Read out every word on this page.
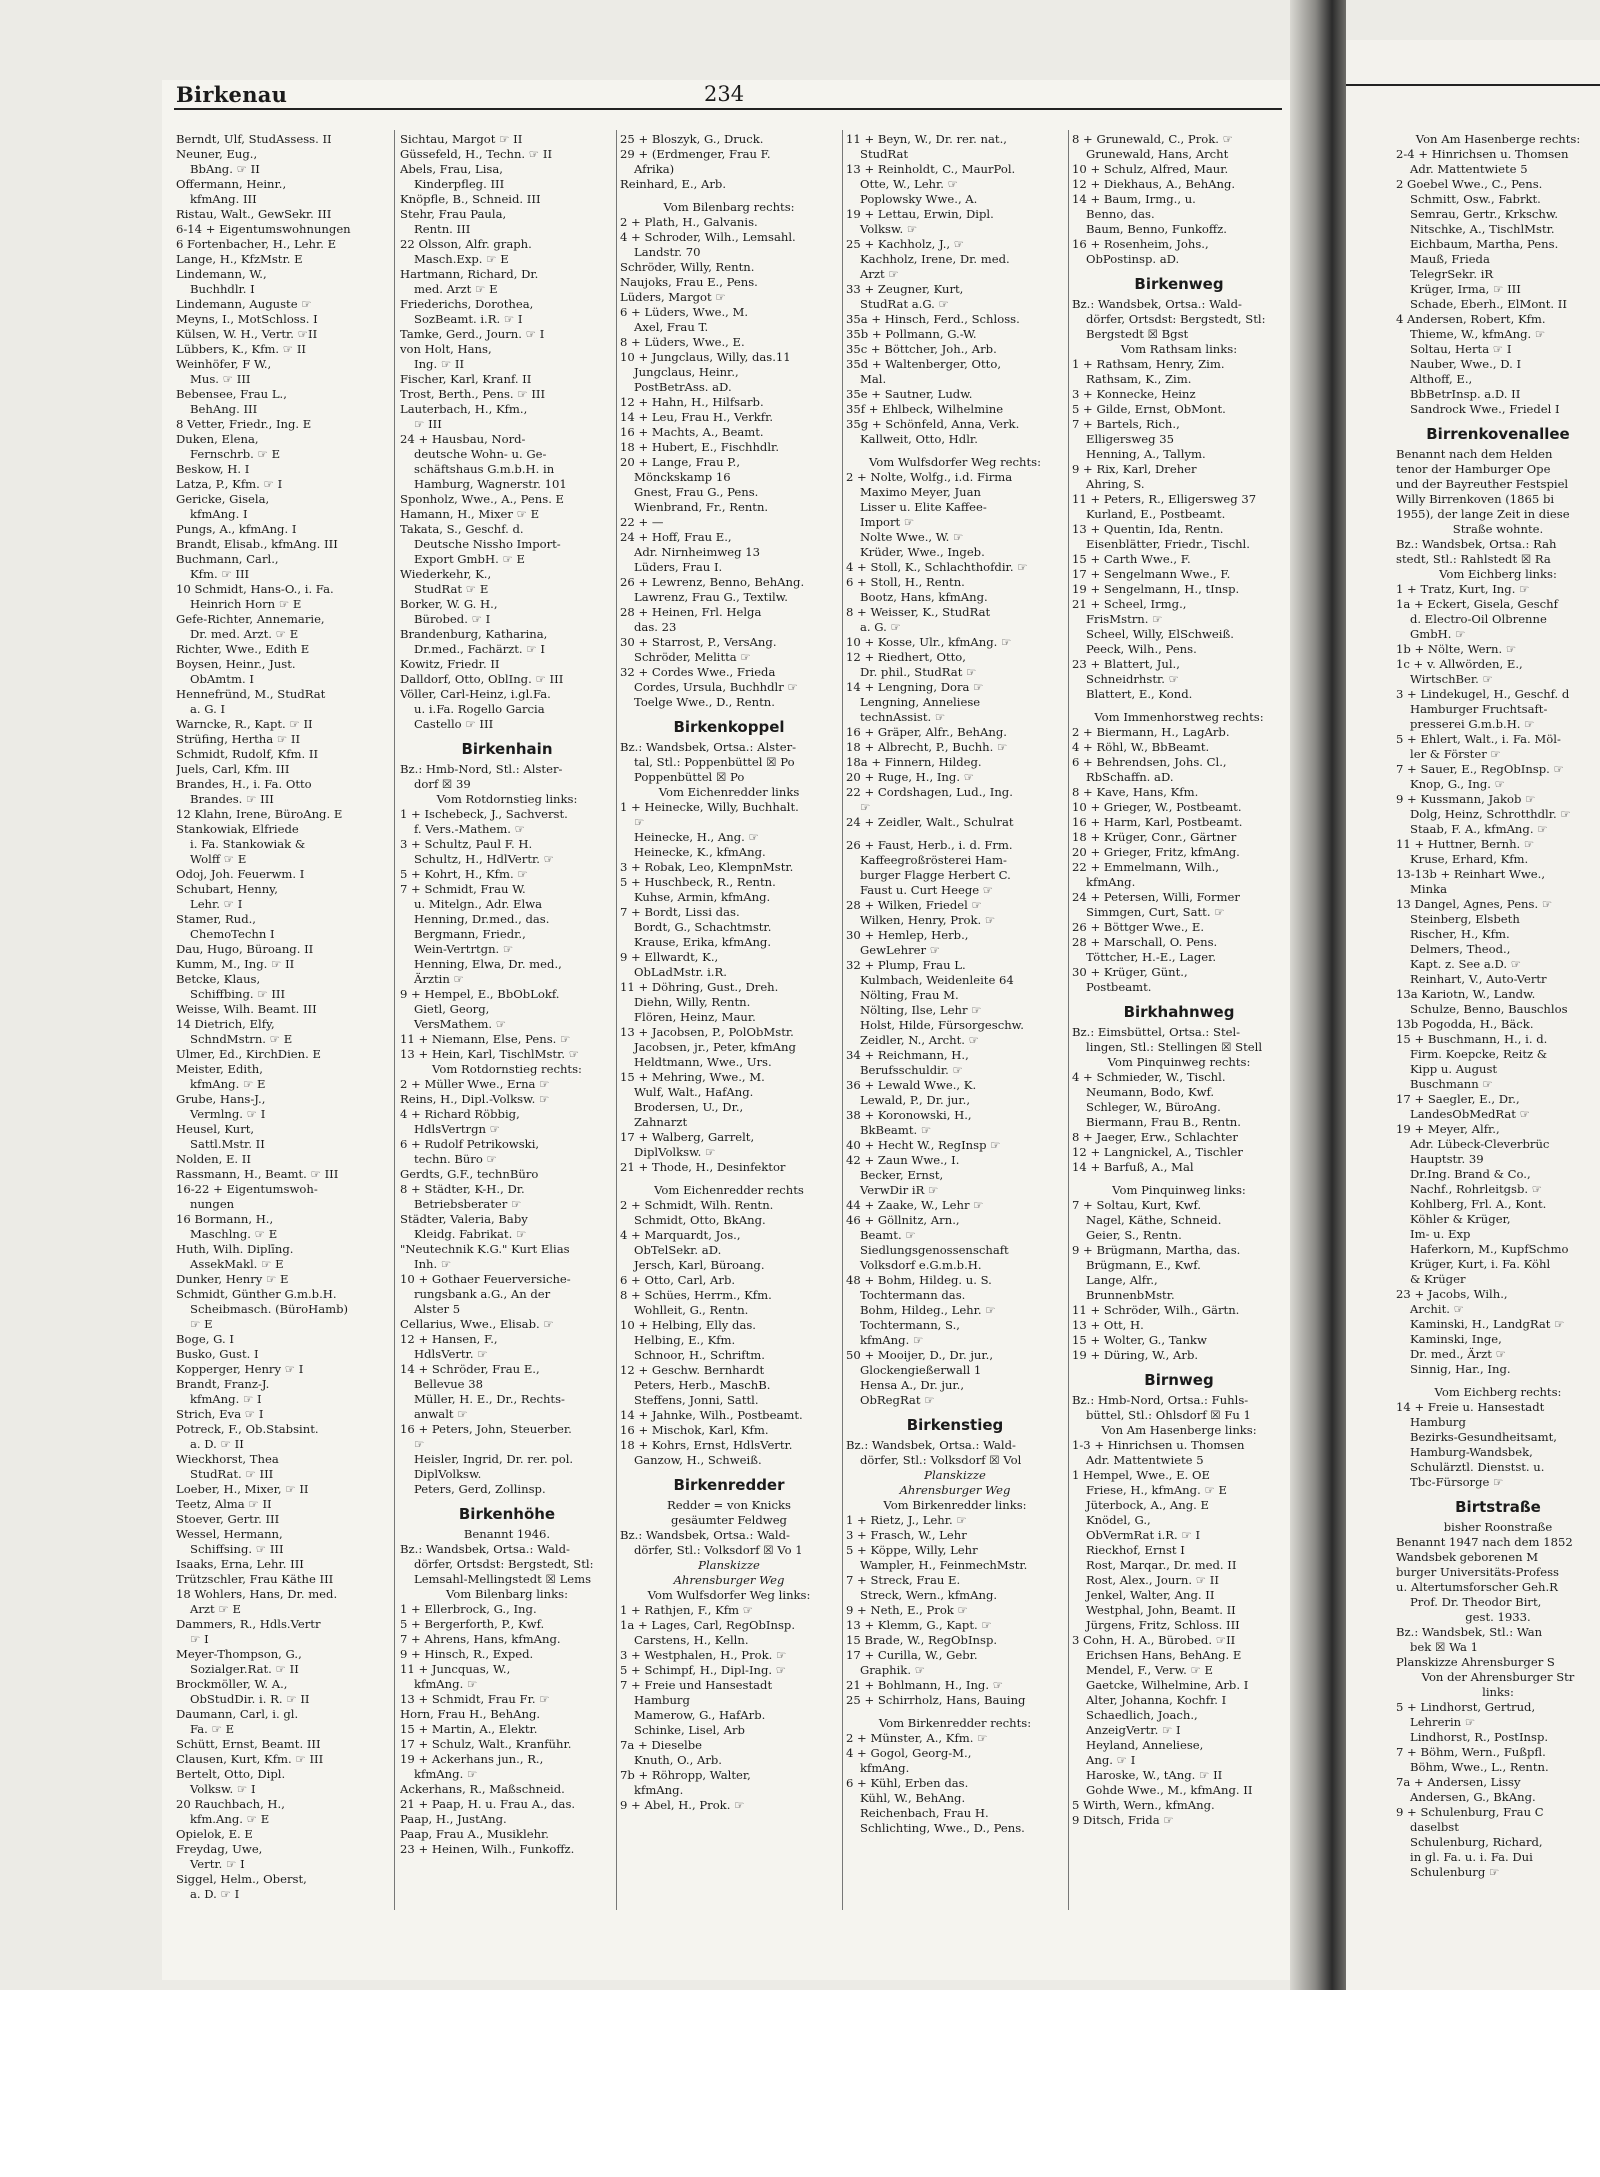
Birkenau	234
Berndt, Ulf, StudAssess. II
Neuner, Eug.,
BbAng. ☞ II
Offermann, Heinr.,
kfmAng. III
Ristau, Walt., GewSekr. III
6-14 + Eigentumswohnungen
6 Fortenbacher, H., Lehr. E
Lange, H., KfzMstr. E
Lindemann, W.,
Buchhdlr. I
Lindemann, Auguste ☞
Meyns, I., MotSchloss. I
Külsen, W. H., Vertr. ☞II
Lübbers, K., Kfm. ☞ II
Weinhöfer, F W.,
Mus. ☞ III
Bebensee, Frau L.,
BehAng. III
8 Vetter, Friedr., Ing. E
Duken, Elena,
Fernschrb. ☞ E
Beskow, H. I
Latza, P., Kfm. ☞ I
Gericke, Gisela,
kfmAng. I
Pungs, A., kfmAng. I
Brandt, Elisab., kfmAng. III
Buchmann, Carl.,
Kfm. ☞ III
10 Schmidt, Hans-O., i. Fa.
Heinrich Horn ☞ E
Gefe-Richter, Annemarie,
Dr. med. Arzt. ☞ E
Richter, Wwe., Edith E
Boysen, Heinr., Just.
ObAmtm. I
Hennefründ, M., StudRat
a. G. I
Warncke, R., Kapt. ☞ II
Strüfing, Hertha ☞ II
Schmidt, Rudolf, Kfm. II
Juels, Carl, Kfm. III
Brandes, H., i. Fa. Otto
Brandes. ☞ III
12 Klahn, Irene, BüroAng. E
Stankowiak, Elfriede
i. Fa. Stankowiak &
Wolff ☞ E
Odoj, Joh. Feuerwm. I
Schubart, Henny,
Lehr. ☞ I
Stamer, Rud.,
ChemoTechn I
Dau, Hugo, Büroang. II
Kumm, M., Ing. ☞ II
Betcke, Klaus,
Schiffbing. ☞ III
Weisse, Wilh. Beamt. III
14 Dietrich, Elfy,
SchndMstrn. ☞ E
Ulmer, Ed., KirchDien. E
Meister, Edith,
kfmAng. ☞ E
Grube, Hans-J.,
Vermlng. ☞ I
Heusel, Kurt,
Sattl.Mstr. II
Nolden, E. II
Rassmann, H., Beamt. ☞ III
16-22 + Eigentumswoh-
nungen
16 Bormann, H.,
Maschlng. ☞ E
Huth, Wilh. Diplīng.
AssekMakl. ☞ E
Dunker, Henry ☞ E
Schmidt, Günther G.m.b.H.
Scheibmasch. (BüroHamb)
☞ E
Boge, G. I
Busko, Gust. I
Kopperger, Henry ☞ I
Brandt, Franz-J.
kfmAng. ☞ I
Strich, Eva ☞ I
Potreck, F., Ob.Stabsint.
a. D. ☞ II
Wieckhorst, Thea
StudRat. ☞ III
Loeber, H., Mixer, ☞ II
Teetz, Alma ☞ II
Stoever, Gertr. III
Wessel, Hermann,
Schiffsing. ☞ III
Isaaks, Erna, Lehr. III
Trützschler, Frau Käthe III
18 Wohlers, Hans, Dr. med.
Arzt ☞ E
Dammers, R., Hdls.Vertr
☞ I
Meyer-Thompson, G.,
Sozialger.Rat. ☞ II
Brockmöller, W. A.,
ObStudDir. i. R. ☞ II
Daumann, Carl, i. gl.
Fa. ☞ E
Schütt, Ernst, Beamt. III
Clausen, Kurt, Kfm. ☞ III
Bertelt, Otto, Dipl.
Volksw. ☞ I
20 Rauchbach, H.,
kfm.Ang. ☞ E
Opielok, E. E
Freydag, Uwe,
Vertr. ☞ I
Siggel, Helm., Oberst,
a. D. ☞ I
Sichtau, Margot ☞ II
Güssefeld, H., Techn. ☞ II
Abels, Frau, Lisa,
Kinderpfleg. III
Knöpfle, B., Schneid. III
Stehr, Frau Paula,
Rentn. III
22 Olsson, Alfr. graph.
Masch.Exp. ☞ E
Hartmann, Richard, Dr.
med. Arzt ☞ E
Friederichs, Dorothea,
SozBeamt. i.R. ☞ I
Tamke, Gerd., Journ. ☞ I
von Holt, Hans,
Ing. ☞ II
Fischer, Karl, Kranf. II
Trost, Berth., Pens. ☞ III
Lauterbach, H., Kfm.,
☞ III
24 + Hausbau, Nord-
deutsche Wohn- u. Ge-
schäftshaus G.m.b.H. in
Hamburg, Wagnerstr. 101
Sponholz, Wwe., A., Pens. E
Hamann, H., Mixer ☞ E
Takata, S., Geschf. d.
Deutsche Nissho Import-
Export GmbH. ☞ E
Wiederkehr, K.,
StudRat ☞ E
Borker, W. G. H.,
Bürobed. ☞ I
Brandenburg, Katharina,
Dr.med., Fachärzt. ☞ I
Kowitz, Friedr. II
Dalldorf, Otto, OblIng. ☞ III
Völler, Carl-Heinz, i.gl.Fa.
u. i.Fa. Rogello Garcia
Castello ☞ III
Birkenhain
Bz.: Hmb-Nord, Stl.: Alster-
dorf ☒ 39
Vom Rotdornstieg links:
1 + Ischebeck, J., Sachverst.
f. Vers.-Mathem. ☞
3 + Schultz, Paul F. H.
Schultz, H., HdlVertr. ☞
5 + Kohrt, H., Kfm. ☞
7 + Schmidt, Frau W.
u. Mitelgn., Adr. Elwa
Henning, Dr.med., das.
Bergmann, Friedr.,
Wein-Vertrtgn. ☞
Henning, Elwa, Dr. med.,
Ärztin ☞
9 + Hempel, E., BbObLokf.
Gietl, Georg,
VersMathem. ☞
11 + Niemann, Else, Pens. ☞
13 + Hein, Karl, TischlMstr. ☞
Vom Rotdornstieg rechts:
2 + Müller Wwe., Erna ☞
Reins, H., Dipl.-Volksw. ☞
4 + Richard Röbbig,
HdlsVertrgn ☞
6 + Rudolf Petrikowski,
techn. Büro ☞
Gerdts, G.F., technBüro
8 + Städter, K-H., Dr.
Betriebsberater ☞
Städter, Valeria, Baby
Kleidg. Fabrikat. ☞
"Neutechnik K.G." Kurt Elias
Inh. ☞
10 + Gothaer Feuerversiche-
rungsbank a.G., An der
Alster 5
Cellarius, Wwe., Elisab. ☞
12 + Hansen, F.,
HdlsVertr. ☞
14 + Schröder, Frau E.,
Bellevue 38
Müller, H. E., Dr., Rechts-
anwalt ☞
16 + Peters, John, Steuerber.
☞
Heisler, Ingrid, Dr. rer. pol.
DiplVolksw.
Peters, Gerd, Zollinsp.
Birkenhöhe
Benannt 1946.
Bz.: Wandsbek, Ortsa.: Wald-
dörfer, Ortsdst: Bergstedt, Stl:
Lemsahl-Mellingstedt ☒ Lems
Vom Bilenbarg links:
1 + Ellerbrock, G., Ing.
5 + Bergerforth, P., Kwf.
7 + Ahrens, Hans, kfmAng.
9 + Hinsch, R., Exped.
11 + Juncquas, W.,
kfmAng. ☞
13 + Schmidt, Frau Fr. ☞
Horn, Frau H., BehAng.
15 + Martin, A., Elektr.
17 + Schulz, Walt., Kranführ.
19 + Ackerhans jun., R.,
kfmAng. ☞
Ackerhans, R., Maßschneid.
21 + Paap, H. u. Frau A., das.
Paap, H., JustAng.
Paap, Frau A., Musiklehr.
23 + Heinen, Wilh., Funkoffz.
25 + Bloszyk, G., Druck.
29 + (Erdmenger, Frau F.
Afrika)
Reinhard, E., Arb.
Vom Bilenbarg rechts:
2 + Plath, H., Galvanis.
4 + Schroder, Wilh., Lemsahl.
Landstr. 70
Schröder, Willy, Rentn.
Naujoks, Frau E., Pens.
Lüders, Margot ☞
6 + Lüders, Wwe., M.
Axel, Frau T.
8 + Lüders, Wwe., E.
10 + Jungclaus, Willy, das.11
Jungclaus, Heinr.,
PostBetrAss. aD.
12 + Hahn, H., Hilfsarb.
14 + Leu, Frau H., Verkfr.
16 + Machts, A., Beamt.
18 + Hubert, E., Fischhdlr.
20 + Lange, Frau P.,
Mönckskamp 16
Gnest, Frau G., Pens.
Wienbrand, Fr., Rentn.
22 + —
24 + Hoff, Frau E.,
Adr. Nirnheimweg 13
Lüders, Frau I.
26 + Lewrenz, Benno, BehAng.
Lawrenz, Frau G., Textilw.
28 + Heinen, Frl. Helga
das. 23
30 + Starrost, P., VersAng.
Schröder, Melitta ☞
32 + Cordes Wwe., Frieda
Cordes, Ursula, Buchhdlr ☞
Toelge Wwe., D., Rentn.
Birkenkoppel
Bz.: Wandsbek, Ortsa.: Alster-
tal, Stl.: Poppenbüttel ☒ Po
Poppenbüttel ☒ Po
Vom Eichenredder links
1 + Heinecke, Willy, Buchhalt.
☞
Heinecke, H., Ang. ☞
Heinecke, K., kfmAng.
3 + Robak, Leo, KlempnMstr.
5 + Huschbeck, R., Rentn.
Kuhse, Armin, kfmAng.
7 + Bordt, Lissi das.
Bordt, G., Schachtmstr.
Krause, Erika, kfmAng.
9 + Ellwardt, K.,
ObLadMstr. i.R.
11 + Döhring, Gust., Dreh.
Diehn, Willy, Rentn.
Flören, Heinz, Maur.
13 + Jacobsen, P., PolObMstr.
Jacobsen, jr., Peter, kfmAng
Heldtmann, Wwe., Urs.
15 + Mehring, Wwe., M.
Wulf, Walt., HafAng.
Brodersen, U., Dr.,
Zahnarzt
17 + Walberg, Garrelt,
DiplVolksw. ☞
21 + Thode, H., Desinfektor
Vom Eichenredder rechts
2 + Schmidt, Wilh. Rentn.
Schmidt, Otto, BkAng.
4 + Marquardt, Jos.,
ObTelSekr. aD.
Jersch, Karl, Büroang.
6 + Otto, Carl, Arb.
8 + Schües, Herrm., Kfm.
Wohlleit, G., Rentn.
10 + Helbing, Elly das.
Helbing, E., Kfm.
Schnoor, H., Schriftm.
12 + Geschw. Bernhardt
Peters, Herb., MaschB.
Steffens, Jonni, Sattl.
14 + Jahnke, Wilh., Postbeamt.
16 + Mischok, Karl, Kfm.
18 + Kohrs, Ernst, HdlsVertr.
Ganzow, H., Schweiß.
Birkenredder
Redder = von Knicks
gesäumter Feldweg
Bz.: Wandsbek, Ortsa.: Wald-
dörfer, Stl.: Volksdorf ☒ Vo 1
Planskizze
Ahrensburger Weg
Vom Wulfsdorfer Weg links:
1 + Rathjen, F., Kfm ☞
1a + Lages, Carl, RegObInsp.
Carstens, H., Kelln.
3 + Westphalen, H., Prok. ☞
5 + Schimpf, H., Dipl-Ing. ☞
7 + Freie und Hansestadt
Hamburg
Mamerow, G., HafArb.
Schinke, Lisel, Arb
7a + Dieselbe
Knuth, O., Arb.
7b + Röhropp, Walter,
kfmAng.
9 + Abel, H., Prok. ☞
11 + Beyn, W., Dr. rer. nat.,
StudRat
13 + Reinholdt, C., MaurPol.
Otte, W., Lehr. ☞
Poplowsky Wwe., A.
19 + Lettau, Erwin, Dipl.
Volksw. ☞
25 + Kachholz, J., ☞
Kachholz, Irene, Dr. med.
Arzt ☞
33 + Zeugner, Kurt,
StudRat a.G. ☞
35a + Hinsch, Ferd., Schloss.
35b + Pollmann, G.-W.
35c + Böttcher, Joh., Arb.
35d + Waltenberger, Otto,
Mal.
35e + Sautner, Ludw.
35f + Ehlbeck, Wilhelmine
35g + Schönfeld, Anna, Verk.
Kallweit, Otto, Hdlr.
Vom Wulfsdorfer Weg rechts:
2 + Nolte, Wolfg., i.d. Firma
Maximo Meyer, Juan
Lisser u. Elite Kaffee-
Import ☞
Nolte Wwe., W. ☞
Krüder, Wwe., Ingeb.
4 + Stoll, K., Schlachthofdir. ☞
6 + Stoll, H., Rentn.
Bootz, Hans, kfmAng.
8 + Weisser, K., StudRat
a. G. ☞
10 + Kosse, Ulr., kfmAng. ☞
12 + Riedhert, Otto,
Dr. phil., StudRat ☞
14 + Lengning, Dora ☞
Lengning, Anneliese
technAssist. ☞
16 + Gräper, Alfr., BehAng.
18 + Albrecht, P., Buchh. ☞
18a + Finnern, Hildeg.
20 + Ruge, H., Ing. ☞
22 + Cordshagen, Lud., Ing.
☞
24 + Zeidler, Walt., Schulrat
26 + Faust, Herb., i. d. Frm.
Kaffeegroßrösterei Ham-
burger Flagge Herbert C.
Faust u. Curt Heege ☞
28 + Wilken, Friedel ☞
Wilken, Henry, Prok. ☞
30 + Hemlep, Herb.,
GewLehrer ☞
32 + Plump, Frau L.
Kulmbach, Weidenleite 64
Nölting, Frau M.
Nölting, Ilse, Lehr ☞
Holst, Hilde, Fürsorgeschw.
Zeidler, N., Archt. ☞
34 + Reichmann, H.,
Berufsschuldir. ☞
36 + Lewald Wwe., K.
Lewald, P., Dr. jur.,
38 + Koronowski, H.,
BkBeamt. ☞
40 + Hecht W., RegInsp ☞
42 + Zaun Wwe., I.
Becker, Ernst,
VerwDir iR ☞
44 + Zaake, W., Lehr ☞
46 + Göllnitz, Arn.,
Beamt. ☞
Siedlungsgenossenschaft
Volksdorf e.G.m.b.H.
48 + Bohm, Hildeg. u. S.
Tochtermann das.
Bohm, Hildeg., Lehr. ☞
Tochtermann, S.,
kfmAng. ☞
50 + Mooijer, D., Dr. jur.,
Glockengießerwall 1
Hensa A., Dr. jur.,
ObRegRat ☞
Birkenstieg
Bz.: Wandsbek, Ortsa.: Wald-
dörfer, Stl.: Volksdorf ☒ Vol
Planskizze
Ahrensburger Weg
Vom Birkenredder links:
1 + Rietz, J., Lehr. ☞
3 + Frasch, W., Lehr
5 + Köppe, Willy, Lehr
Wampler, H., FeinmechMstr.
7 + Streck, Frau E.
Streck, Wern., kfmAng.
9 + Neth, E., Prok ☞
13 + Klemm, G., Kapt. ☞
15 Brade, W., RegObInsp.
17 + Curilla, W., Gebr.
Graphik. ☞
21 + Bohlmann, H., Ing. ☞
25 + Schirrholz, Hans, Bauing
Vom Birkenredder rechts:
2 + Münster, A., Kfm. ☞
4 + Gogol, Georg-M.,
kfmAng.
6 + Kühl, Erben das.
Kühl, W., BehAng.
Reichenbach, Frau H.
Schlichting, Wwe., D., Pens.
8 + Grunewald, C., Prok. ☞
Grunewald, Hans, Archt
10 + Schulz, Alfred, Maur.
12 + Diekhaus, A., BehAng.
14 + Baum, Irmg., u.
Benno, das.
Baum, Benno, Funkoffz.
16 + Rosenheim, Johs.,
ObPostinsp. aD.
Birkenweg
Bz.: Wandsbek, Ortsa.: Wald-
dörfer, Ortsdst: Bergstedt, Stl:
Bergstedt ☒ Bgst
Vom Rathsam links:
1 + Rathsam, Henry, Zim.
Rathsam, K., Zim.
3 + Konnecke, Heinz
5 + Gilde, Ernst, ObMont.
7 + Bartels, Rich.,
Elligersweg 35
Henning, A., Tallym.
9 + Rix, Karl, Dreher
Ahring, S.
11 + Peters, R., Elligersweg 37
Kurland, E., Postbeamt.
13 + Quentin, Ida, Rentn.
Eisenblätter, Friedr., Tischl.
15 + Carth Wwe., F.
17 + Sengelmann Wwe., F.
19 + Sengelmann, H., tInsp.
21 + Scheel, Irmg.,
FrisMstrn. ☞
Scheel, Willy, ElSchweiß.
Peeck, Wilh., Pens.
23 + Blattert, Jul.,
Schneidrhstr. ☞
Blattert, E., Kond.
Vom Immenhorstweg rechts:
2 + Biermann, H., LagArb.
4 + Röhl, W., BbBeamt.
6 + Behrendsen, Johs. Cl.,
RbSchaffn. aD.
8 + Kave, Hans, Kfm.
10 + Grieger, W., Postbeamt.
16 + Harm, Karl, Postbeamt.
18 + Krüger, Conr., Gärtner
20 + Grieger, Fritz, kfmAng.
22 + Emmelmann, Wilh.,
kfmAng.
24 + Petersen, Willi, Former
Simmgen, Curt, Satt. ☞
26 + Böttger Wwe., E.
28 + Marschall, O. Pens.
Töttcher, H.-E., Lager.
30 + Krüger, Günt.,
Postbeamt.
Birkhahnweg
Bz.: Eimsbüttel, Ortsa.: Stel-
lingen, Stl.: Stellingen ☒ Stell
Vom Pinquinweg rechts:
4 + Schmieder, W., Tischl.
Neumann, Bodo, Kwf.
Schleger, W., BüroAng.
Biermann, Frau B., Rentn.
8 + Jaeger, Erw., Schlachter
12 + Langnickel, A., Tischler
14 + Barfuß, A., Mal
Vom Pinquinweg links:
7 + Soltau, Kurt, Kwf.
Nagel, Käthe, Schneid.
Geier, S., Rentn.
9 + Brügmann, Martha, das.
Brügmann, E., Kwf.
Lange, Alfr.,
BrunnenbMstr.
11 + Schröder, Wilh., Gärtn.
13 + Ott, H.
15 + Wolter, G., Tankw
19 + Düring, W., Arb.
Birnweg
Bz.: Hmb-Nord, Ortsa.: Fuhls-
büttel, Stl.: Ohlsdorf ☒ Fu 1
Von Am Hasenberge links:
1-3 + Hinrichsen u. Thomsen
Adr. Mattentwiete 5
1 Hempel, Wwe., E. OE
Friese, H., kfmAng. ☞ E
Jüterbock, A., Ang. E
Knödel, G.,
ObVermRat i.R. ☞ I
Rieckhof, Ernst I
Rost, Marqar., Dr. med. II
Rost, Alex., Journ. ☞ II
Jenkel, Walter, Ang. II
Westphal, John, Beamt. II
Jürgens, Fritz, Schloss. III
3 Cohn, H. A., Bürobed. ☞II
Erichsen Hans, BehAng. E
Mendel, F., Verw. ☞ E
Gaetcke, Wilhelmine, Arb. I
Alter, Johanna, Kochfr. I
Schaedlich, Joach.,
AnzeigVertr. ☞ I
Heyland, Anneliese,
Ang. ☞ I
Haroske, W., tAng. ☞ II
Gohde Wwe., M., kfmAng. II
5 Wirth, Wern., kfmAng.
9 Ditsch, Frida ☞
Von Am Hasenberge rechts:
2-4 + Hinrichsen u. Thomsen
Adr. Mattentwiete 5
2 Goebel Wwe., C., Pens.
Schmitt, Osw., Fabrkt.
Semrau, Gertr., Krkschw.
Nitschke, A., TischlMstr.
Eichbaum, Martha, Pens.
Mauß, Frieda
TelegrSekr. iR
Krüger, Irma, ☞ III
Schade, Eberh., ElMont. II
4 Andersen, Robert, Kfm.
Thieme, W., kfmAng. ☞
Soltau, Herta ☞ I
Nauber, Wwe., D. I
Althoff, E.,
BbBetrInsp. a.D. II
Sandrock Wwe., Friedel I
Birrenkovenallee
Benannt nach dem Helden
tenor der Hamburger Ope
und der Bayreuther Festspiel
Willy Birrenkoven (1865 bi
1955), der lange Zeit in diese
Straße wohnte.
Bz.: Wandsbek, Ortsa.: Rah
stedt, Stl.: Rahlstedt ☒ Ra
Vom Eichberg links:
1 + Tratz, Kurt, Ing. ☞
1a + Eckert, Gisela, Geschf
d. Electro-Oil Olbrenne
GmbH. ☞
1b + Nölte, Wern. ☞
1c + v. Allwörden, E.,
WirtschBer. ☞
3 + Lindekugel, H., Geschf. d
Hamburger Fruchtsaft-
presserei G.m.b.H. ☞
5 + Ehlert, Walt., i. Fa. Möl-
ler & Förster ☞
7 + Sauer, E., RegObInsp. ☞
Knop, G., Ing. ☞
9 + Kussmann, Jakob ☞
Dolg, Heinz, Schrotthdlr. ☞
Staab, F. A., kfmAng. ☞
11 + Huttner, Bernh. ☞
Kruse, Erhard, Kfm.
13-13b + Reinhart Wwe.,
Minka
13 Dangel, Agnes, Pens. ☞
Steinberg, Elsbeth
Rischer, H., Kfm.
Delmers, Theod.,
Kapt. z. See a.D. ☞
Reinhart, V., Auto-Vertr
13a Kariotn, W., Landw.
Schulze, Benno, Bauschlos
13b Pogodda, H., Bäck.
15 + Buschmann, H., i. d.
Firm. Koepcke, Reitz &
Kipp u. August
Buschmann ☞
17 + Saegler, E., Dr.,
LandesObMedRat ☞
19 + Meyer, Alfr.,
Adr. Lübeck-Cleverbrüc
Hauptstr. 39
Dr.Ing. Brand & Co.,
Nachf., Rohrleitgsb. ☞
Kohlberg, Frl. A., Kont.
Köhler & Krüger,
Im- u. Exp
Haferkorn, M., KupfSchmo
Krüger, Kurt, i. Fa. Köhl
& Krüger
23 + Jacobs, Wilh.,
Archit. ☞
Kaminski, H., LandgRat ☞
Kaminski, Inge,
Dr. med., Ärzt ☞
Sinnig, Har., Ing.
Vom Eichberg rechts:
14 + Freie u. Hansestadt
Hamburg
Bezirks-Gesundheitsamt,
Hamburg-Wandsbek,
Schulärztl. Dienstst. u.
Tbc-Fürsorge ☞
Birtstraße
bisher Roonstraße
Benannt 1947 nach dem 1852
Wandsbek geborenen M
burger Universitäts-Profess
u. Altertumsforscher Geh.R
Prof. Dr. Theodor Birt,
gest. 1933.
Bz.: Wandsbek, Stl.: Wan
bek ☒ Wa 1
Planskizze Ahrensburger S
Von der Ahrensburger Str
links:
5 + Lindhorst, Gertrud,
Lehrerin ☞
Lindhorst, R., PostInsp.
7 + Böhm, Wern., Fußpfl.
Böhm, Wwe., L., Rentn.
7a + Andersen, Lissy
Andersen, G., BkAng.
9 + Schulenburg, Frau C
daselbst
Schulenburg, Richard,
in gl. Fa. u. i. Fa. Dui
Schulenburg ☞
